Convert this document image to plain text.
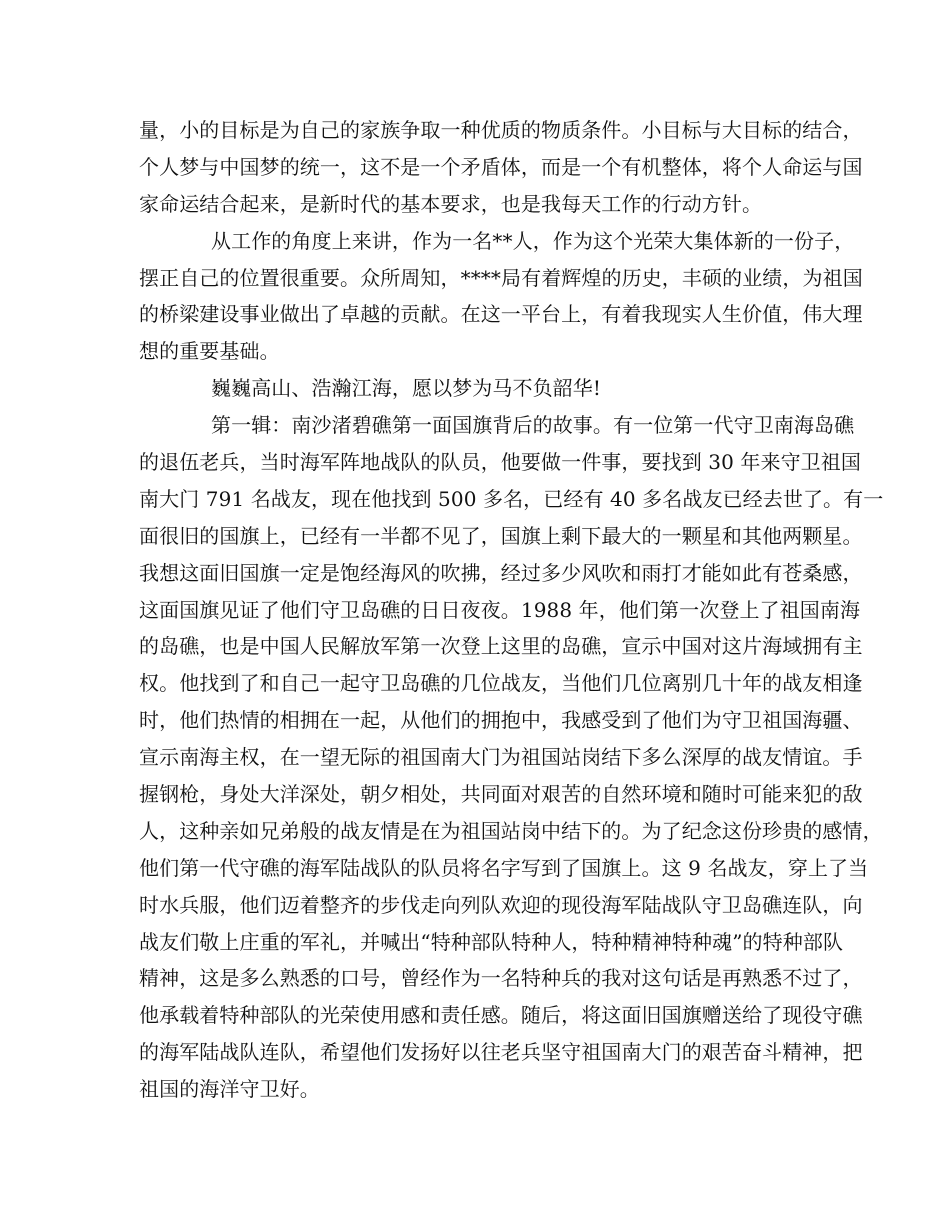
量，小的目标是为自己的家族争取一种优质的物质条件。小目标与大目标的结合，
个人梦与中国梦的统一，这不是一个矛盾体，而是一个有机整体，将个人命运与国
家命运结合起来，是新时代的基本要求，也是我每天工作的行动方针。
从工作的角度上来讲，作为一名**人，作为这个光荣大集体新的一份子，
摆正自己的位置很重要。众所周知，****局有着辉煌的历史，丰硕的业绩，为祖国
的桥梁建设事业做出了卓越的贡献。在这一平台上，有着我现实人生价值，伟大理
想的重要基础。
巍巍高山、浩瀚江海，愿以梦为马不负韶华!
第一辑：南沙渚碧礁第一面国旗背后的故事。有一位第一代守卫南海岛礁
的退伍老兵，当时海军阵地战队的队员，他要做一件事，要找到 30 年来守卫祖国
南大门 791 名战友，现在他找到 500 多名，已经有 40 多名战友已经去世了。有一
面很旧的国旗上，已经有一半都不见了，国旗上剩下最大的一颗星和其他两颗星。
我想这面旧国旗一定是饱经海风的吹拂，经过多少风吹和雨打才能如此有苍桑感，
这面国旗见证了他们守卫岛礁的日日夜夜。1988 年，他们第一次登上了祖国南海
的岛礁，也是中国人民解放军第一次登上这里的岛礁，宣示中国对这片海域拥有主
权。他找到了和自己一起守卫岛礁的几位战友，当他们几位离别几十年的战友相逢
时，他们热情的相拥在一起，从他们的拥抱中，我感受到了他们为守卫祖国海疆、
宣示南海主权，在一望无际的祖国南大门为祖国站岗结下多么深厚的战友情谊。手
握钢枪，身处大洋深处，朝夕相处，共同面对艰苦的自然环境和随时可能来犯的敌
人，这种亲如兄弟般的战友情是在为祖国站岗中结下的。为了纪念这份珍贵的感情，
他们第一代守礁的海军陆战队的队员将名字写到了国旗上。这 9 名战友，穿上了当
时水兵服，他们迈着整齐的步伐走向列队欢迎的现役海军陆战队守卫岛礁连队，向
战友们敬上庄重的军礼，并喊出“特种部队特种人，特种精神特种魂”的特种部队
精神，这是多么熟悉的口号，曾经作为一名特种兵的我对这句话是再熟悉不过了，
他承载着特种部队的光荣使用感和责任感。随后，将这面旧国旗赠送给了现役守礁
的海军陆战队连队，希望他们发扬好以往老兵坚守祖国南大门的艰苦奋斗精神，把
祖国的海洋守卫好。
